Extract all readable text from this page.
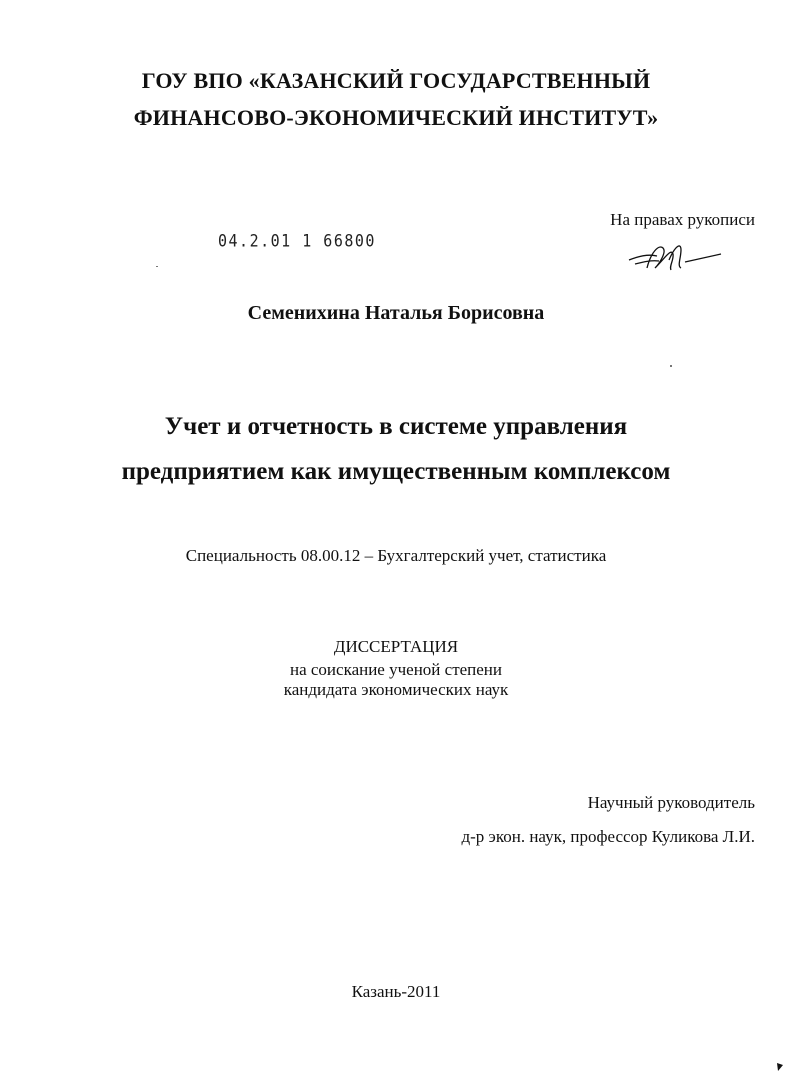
ГОУ ВПО «КАЗАНСКИЙ ГОСУДАРСТВЕННЫЙ
ФИНАНСОВО-ЭКОНОМИЧЕСКИЙ ИНСТИТУТ»
На правах рукописи
04.2.01 1 66800
Семенихина Наталья Борисовна
Учет и отчетность в системе управления
предприятием как имущественным комплексом
Специальность 08.00.12 – Бухгалтерский учет, статистика
ДИССЕРТАЦИЯ
на соискание ученой степени
кандидата экономических наук
Научный руководитель
д-р экон. наук, профессор Куликова Л.И.
Казань-2011
